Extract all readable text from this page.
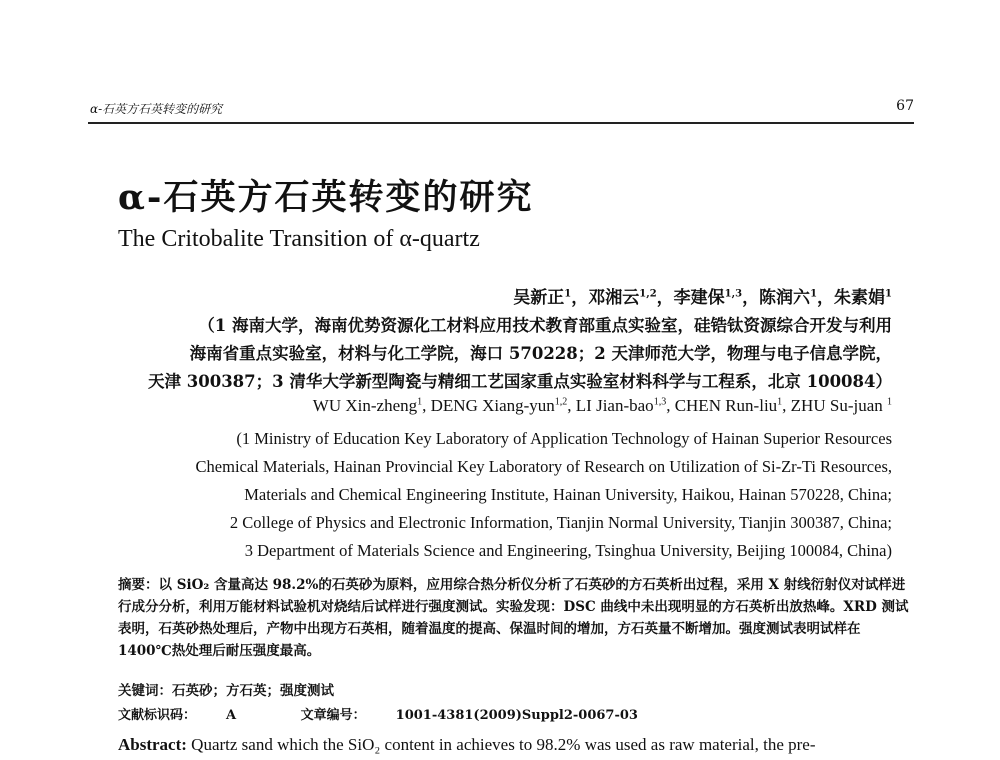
α-石英方石英转变的研究	67
α-石英方石英转变的研究
The Critobalite Transition of α-quartz
吴新正$^1$，邓湘云$^{1,2}$，李建保$^{1,3}$，陈润六$^1$，朱素娟$^1$
（1 海南大学，海南优势资源化工材料应用技术教育部重点实验室，硅锆钛资源综合开发与利用
海南省重点实验室，材料与化工学院，海口 570228；2 天津师范大学，物理与电子信息学院，
天津 300387；3 清华大学新型陶瓷与精细工艺国家重点实验室材料科学与工程系，北京 100084）
WU Xin-zheng$^1$, DENG Xiang-yun$^{1,2}$, LI Jian-bao$^{1,3}$, CHEN Run-liu$^1$, ZHU Su-juan $^1$
(1 Ministry of Education Key Laboratory of Application Technology of Hainan Superior Resources
Chemical Materials, Hainan Provincial Key Laboratory of Research on Utilization of Si-Zr-Ti Resources,
Materials and Chemical Engineering Institute, Hainan University, Haikou, Hainan 570228, China;
2 College of Physics and Electronic Information, Tianjin Normal University, Tianjin 300387, China;
3 Department of Materials Science and Engineering, Tsinghua University, Beijing 100084, China)
摘要：以 SiO₂ 含量高达 98.2%的石英砂为原料，应用综合热分析仪分析了石英砂的方石英析出过程，采用 X 射线衍射仪对试样进行成分分析，利用万能材料试验机对烧结后试样进行强度测试。实验发现：DSC 曲线中未出现明显的方石英析出放热峰。XRD 测试表明，石英砂热处理后，产物中出现方石英相，随着温度的提高、保温时间的增加，方石英量不断增加。强度测试表明试样在 1400℃热处理后耐压强度最高。
关键词：石英砂；方石英；强度测试
文献标识码： A	文章编号： 1001-4381(2009)Suppl2-0067-03
Abstract: Quartz sand which the SiO₂ content in achieves to 98.2% was used as raw material, the pre-
